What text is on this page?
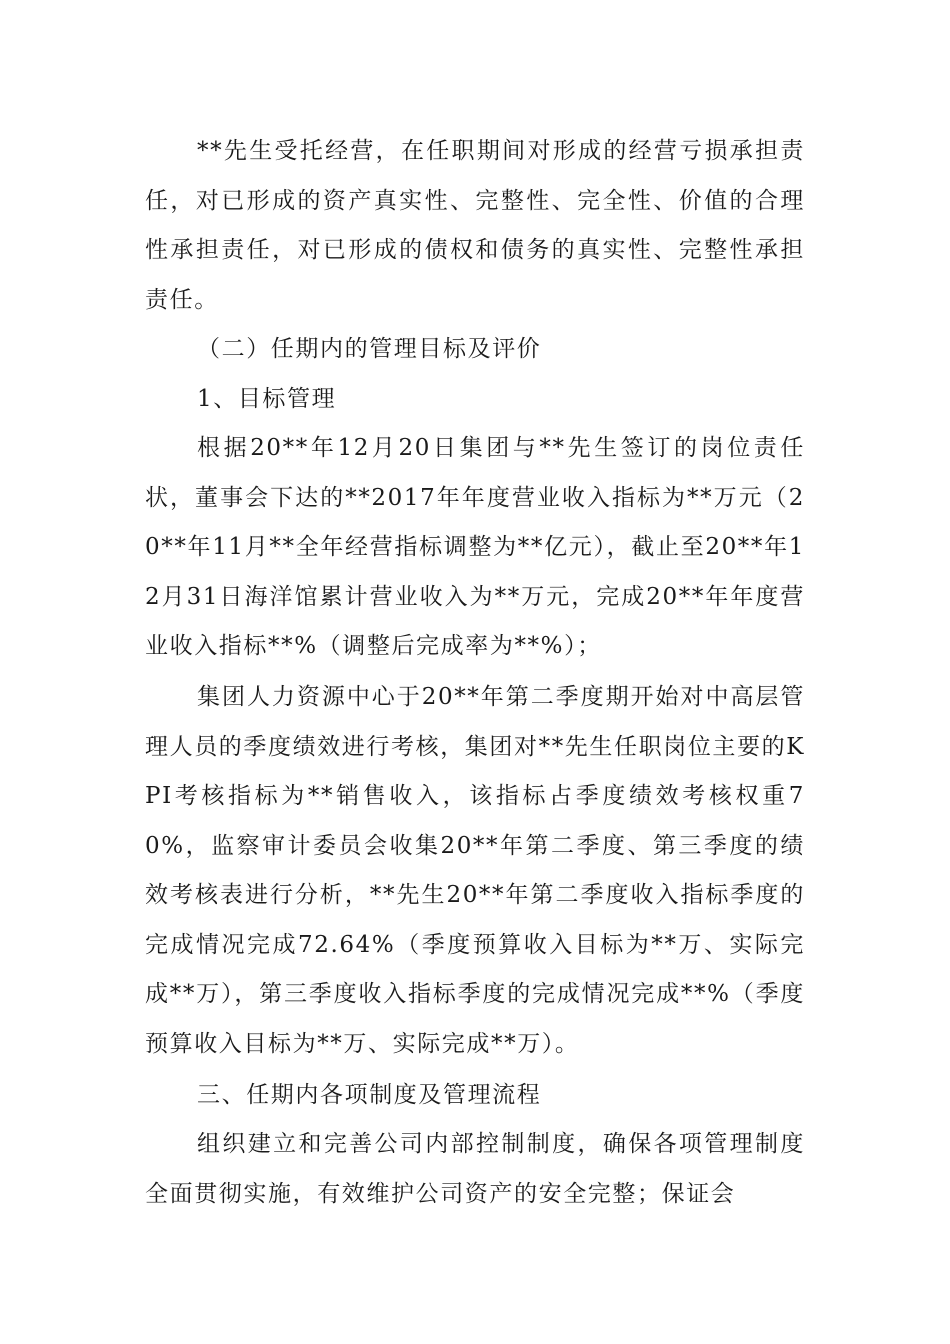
**先生受托经营，在任职期间对形成的经营亏损承担责任，对已形成的资产真实性、完整性、完全性、价值的合理性承担责任，对已形成的债权和债务的真实性、完整性承担责任。

（二）任期内的管理目标及评价

1、目标管理

根据20**年12月20日集团与**先生签订的岗位责任状，董事会下达的**2017年年度营业收入指标为**万元（20**年11月**全年经营指标调整为**亿元），截止至20**年12月31日海洋馆累计营业收入为**万元，完成20**年年度营业收入指标**%（调整后完成率为**%）；

集团人力资源中心于20**年第二季度期开始对中高层管理人员的季度绩效进行考核，集团对**先生任职岗位主要的KPI考核指标为**销售收入，该指标占季度绩效考核权重70%，监察审计委员会收集20**年第二季度、第三季度的绩效考核表进行分析，**先生20**年第二季度收入指标季度的完成情况完成72.64%（季度预算收入目标为**万、实际完成**万），第三季度收入指标季度的完成情况完成**%（季度预算收入目标为**万、实际完成**万）。

三、任期内各项制度及管理流程

组织建立和完善公司内部控制制度，确保各项管理制度全面贯彻实施，有效维护公司资产的安全完整；保证会
